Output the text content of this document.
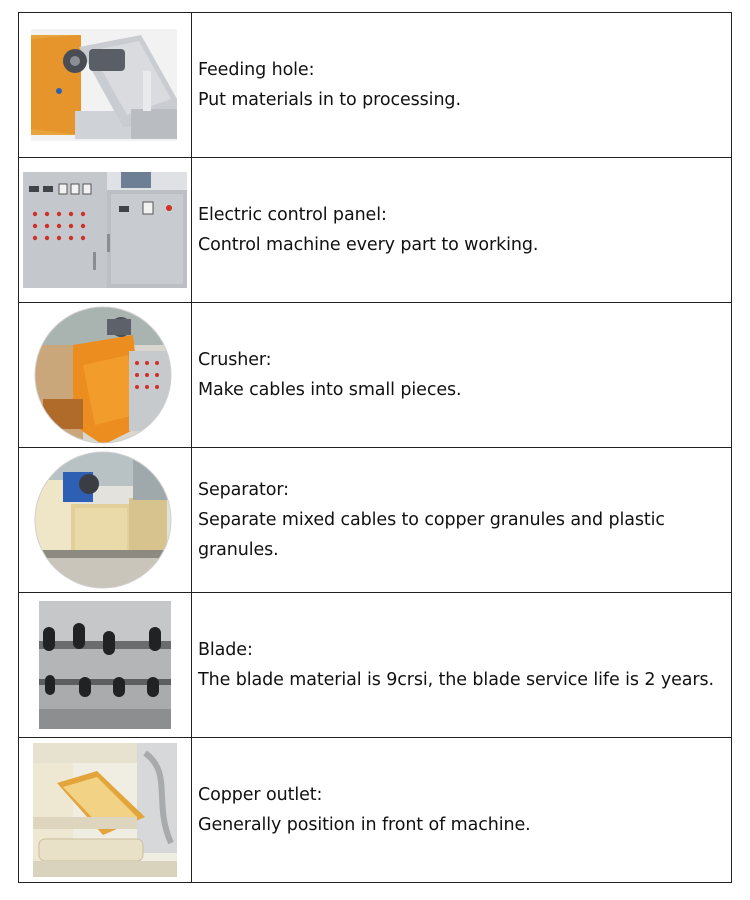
Feeding hole:
Put materials in to processing.

Electric control panel:
Control machine every part to working.

Crusher:
Make cables into small pieces.

Separator:
Separate mixed cables to copper granules and plastic granules.

Blade:
The blade material is 9crsi, the blade service life is 2 years.

Copper outlet:
Generally position in front of machine.
